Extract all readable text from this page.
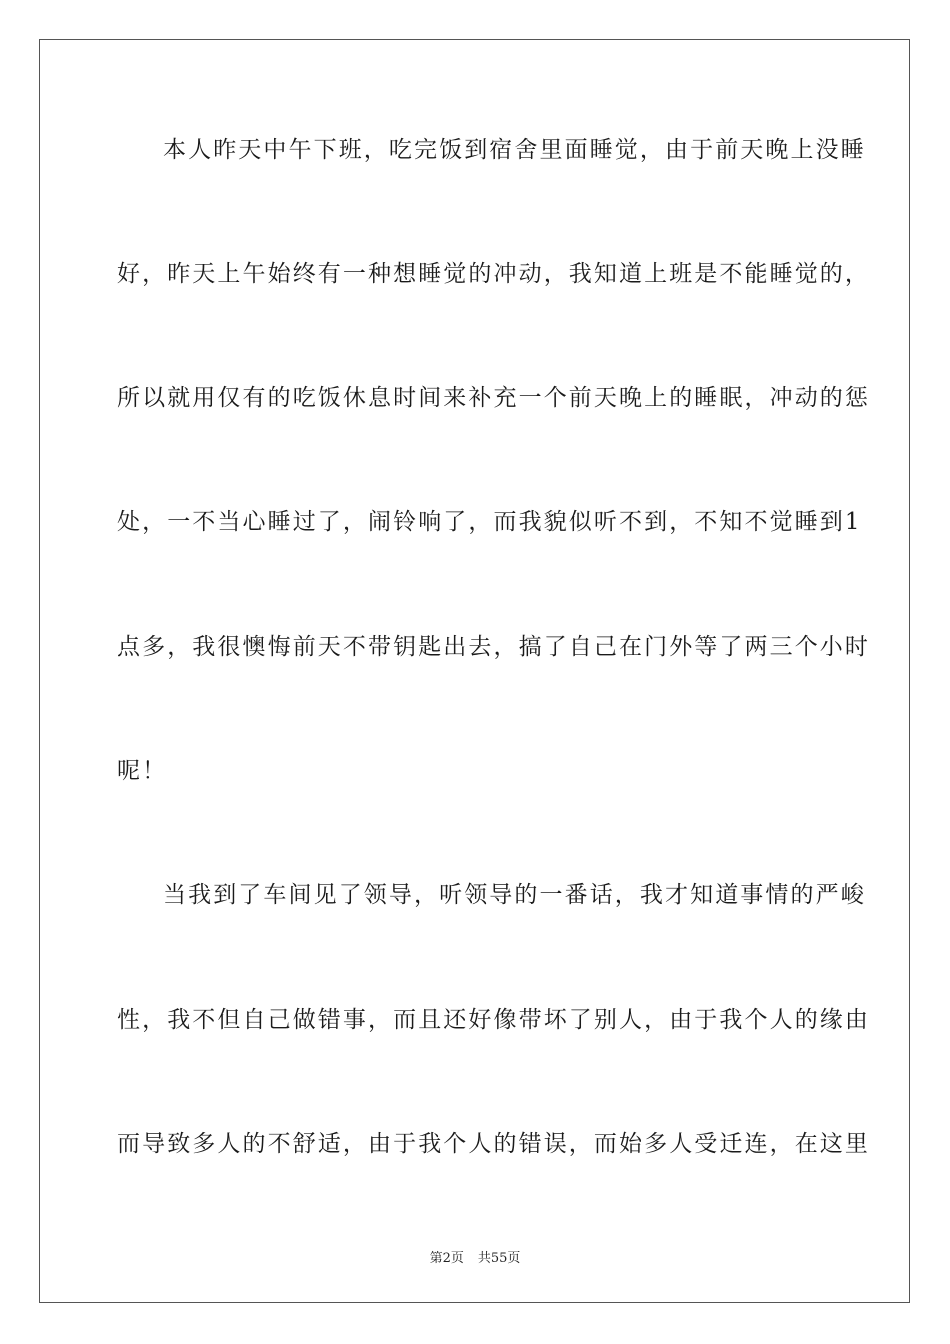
本人昨天中午下班，吃完饭到宿舍里面睡觉，由于前天晚上没睡
好，昨天上午始终有一种想睡觉的冲动，我知道上班是不能睡觉的，
所以就用仅有的吃饭休息时间来补充一个前天晚上的睡眠，冲动的惩
处，一不当心睡过了，闹铃响了，而我貌似听不到，不知不觉睡到1
点多，我很懊悔前天不带钥匙出去，搞了自己在门外等了两三个小时
呢！
当我到了车间见了领导，听领导的一番话，我才知道事情的严峻
性，我不但自己做错事，而且还好像带坏了别人，由于我个人的缘由
而导致多人的不舒适，由于我个人的错误，而始多人受迁连，在这里
第2页 共55页
